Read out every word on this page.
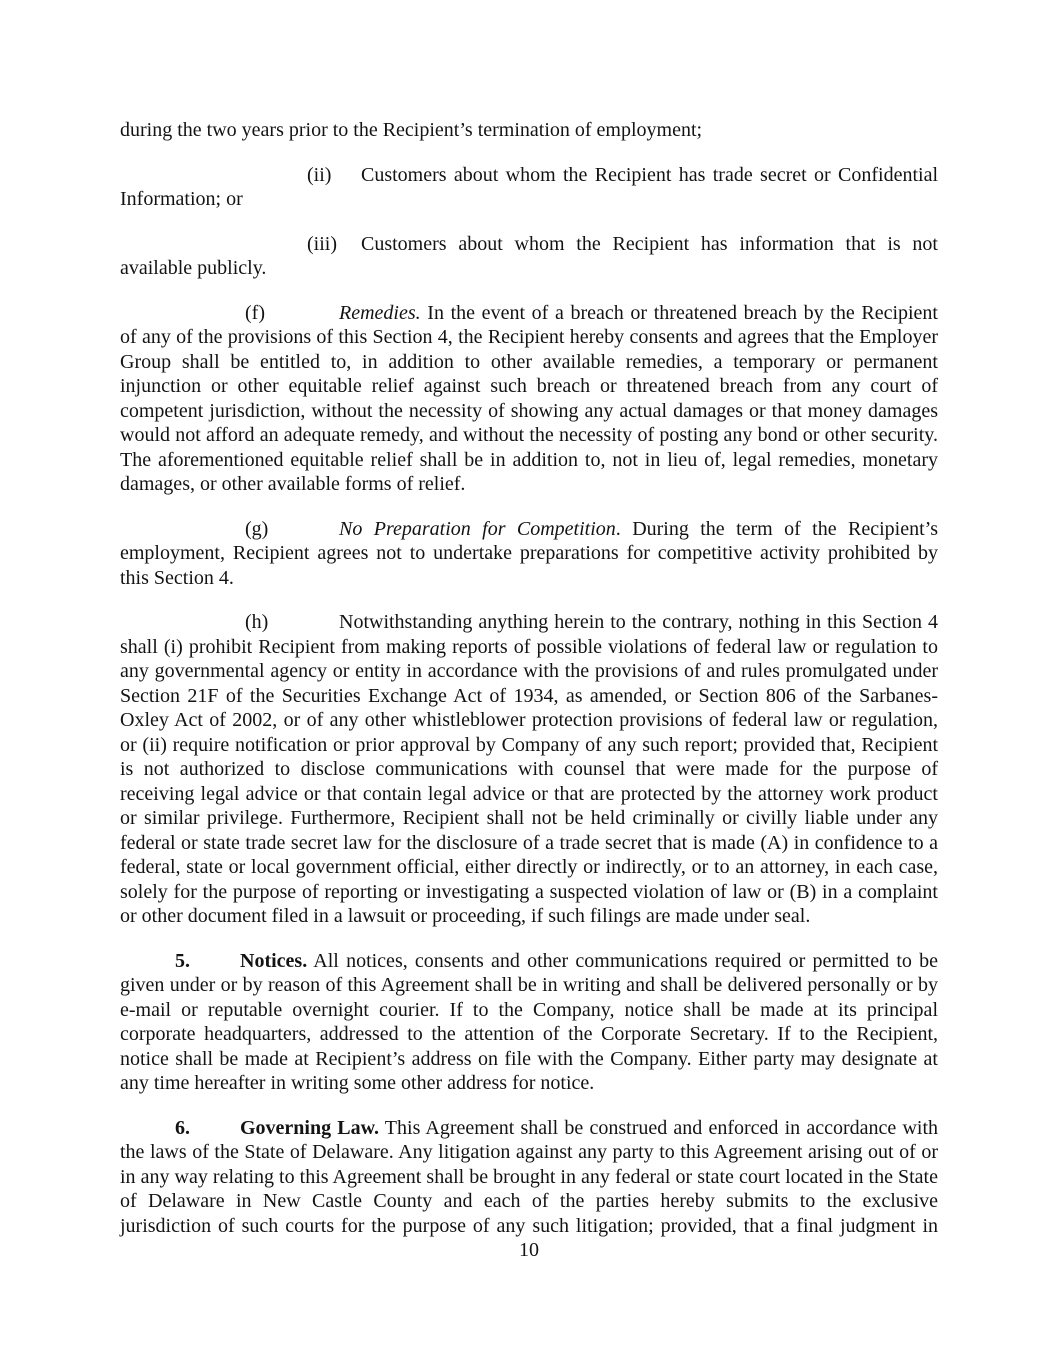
during the two years prior to the Recipient’s termination of employment;

(ii) Customers about whom the Recipient has trade secret or Confidential Information; or

(iii) Customers about whom the Recipient has information that is not available publicly.

(f)	Remedies. In the event of a breach or threatened breach by the Recipient of any of the provisions of this Section 4, the Recipient hereby consents and agrees that the Employer Group shall be entitled to, in addition to other available remedies, a temporary or permanent injunction or other equitable relief against such breach or threatened breach from any court of competent jurisdiction, without the necessity of showing any actual damages or that money damages would not afford an adequate remedy, and without the necessity of posting any bond or other security. The aforementioned equitable relief shall be in addition to, not in lieu of, legal remedies, monetary damages, or other available forms of relief.

(g)	No Preparation for Competition. During the term of the Recipient’s employment, Recipient agrees not to undertake preparations for competitive activity prohibited by this Section 4.

(h)	Notwithstanding anything herein to the contrary, nothing in this Section 4 shall (i) prohibit Recipient from making reports of possible violations of federal law or regulation to any governmental agency or entity in accordance with the provisions of and rules promulgated under Section 21F of the Securities Exchange Act of 1934, as amended, or Section 806 of the Sarbanes-Oxley Act of 2002, or of any other whistleblower protection provisions of federal law or regulation, or (ii) require notification or prior approval by Company of any such report; provided that, Recipient is not authorized to disclose communications with counsel that were made for the purpose of receiving legal advice or that contain legal advice or that are protected by the attorney work product or similar privilege. Furthermore, Recipient shall not be held criminally or civilly liable under any federal or state trade secret law for the disclosure of a trade secret that is made (A) in confidence to a federal, state or local government official, either directly or indirectly, or to an attorney, in each case, solely for the purpose of reporting or investigating a suspected violation of law or (B) in a complaint or other document filed in a lawsuit or proceeding, if such filings are made under seal.

5.	Notices. All notices, consents and other communications required or permitted to be given under or by reason of this Agreement shall be in writing and shall be delivered personally or by e-mail or reputable overnight courier. If to the Company, notice shall be made at its principal corporate headquarters, addressed to the attention of the Corporate Secretary. If to the Recipient, notice shall be made at Recipient’s address on file with the Company. Either party may designate at any time hereafter in writing some other address for notice.

6.	Governing Law. This Agreement shall be construed and enforced in accordance with the laws of the State of Delaware. Any litigation against any party to this Agreement arising out of or in any way relating to this Agreement shall be brought in any federal or state court located in the State of Delaware in New Castle County and each of the parties hereby submits to the exclusive jurisdiction of such courts for the purpose of any such litigation; provided, that a final judgment in

10
